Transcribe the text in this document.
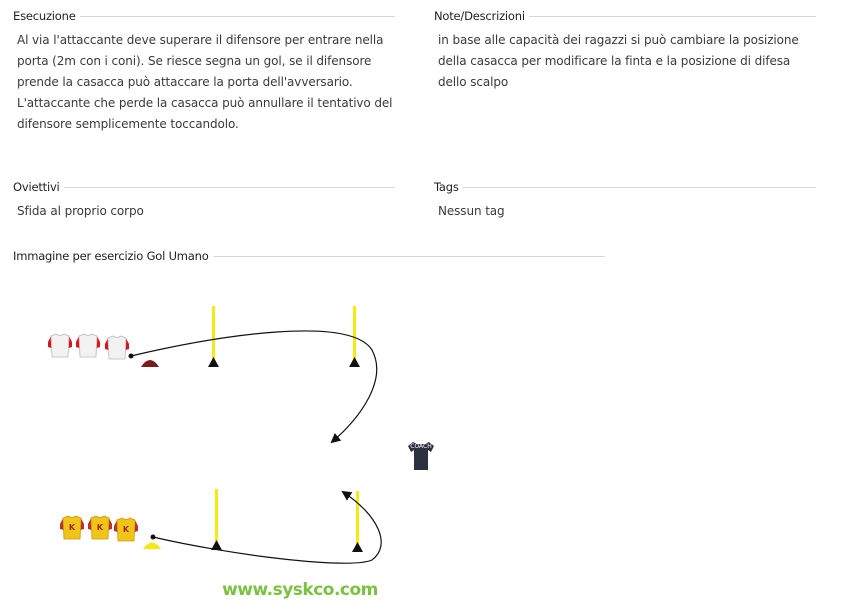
Esecuzione
Al via l'attaccante deve superare il difensore per entrare nella
porta (2m con i coni). Se riesce segna un gol, se il difensore
prende la casacca può attaccare la porta dell'avversario.
L'attaccante che perde la casacca può annullare il tentativo del
difensore semplicemente toccandolo.
Note/Descrizioni
in base alle capacità dei ragazzi si può cambiare la posizione
della casacca per modificare la finta e la posizione di difesa
dello scalpo
Oviettivi
Sfida al proprio corpo
Tags
Nessun tag
Immagine per esercizio Gol Umano
COACH
K	K K
www.syskco.com
